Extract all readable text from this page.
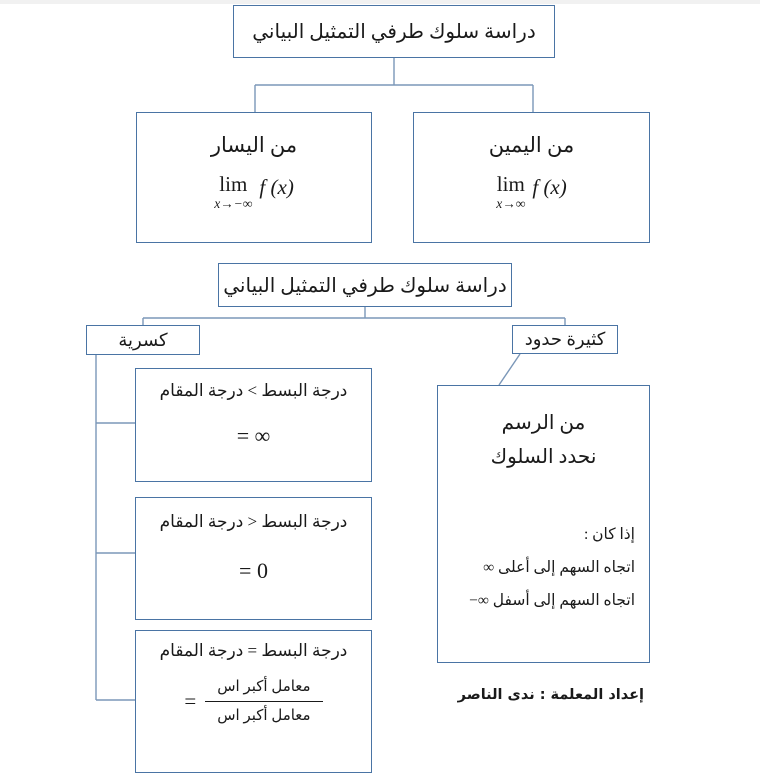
دراسة سلوك طرفي التمثيل البياني
من اليسار
lim
x→−∞
f (x)
من اليمين
lim
x→∞
f (x)
دراسة سلوك طرفي التمثيل البياني
كسرية	كثيرة حدود
درجة البسط > درجة المقام
= ∞
درجة البسط < درجة المقام
= 0
درجة البسط = درجة المقام
= $\frac{\text{معامل أكبر اس}}{\text{معامل أكبر اس}}$
من الرسم
نحدد السلوك
إذا كان :
اتجاه السهم إلى أعلى ∞
اتجاه السهم إلى أسفل ‎−∞‎
إعداد المعلمة : ندى الناصر
